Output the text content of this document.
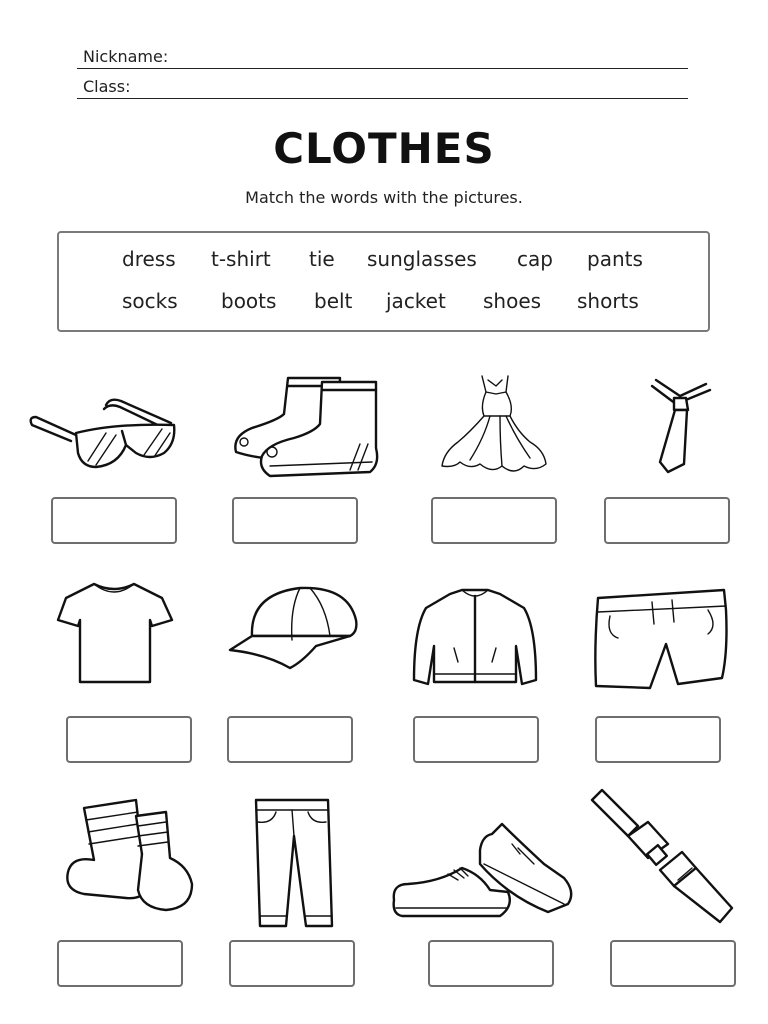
Nickname:
Class:
CLOTHES
Match the words with the pictures.
dress t-shirt tie sunglasses cap pants
socks boots belt jacket shoes shorts
